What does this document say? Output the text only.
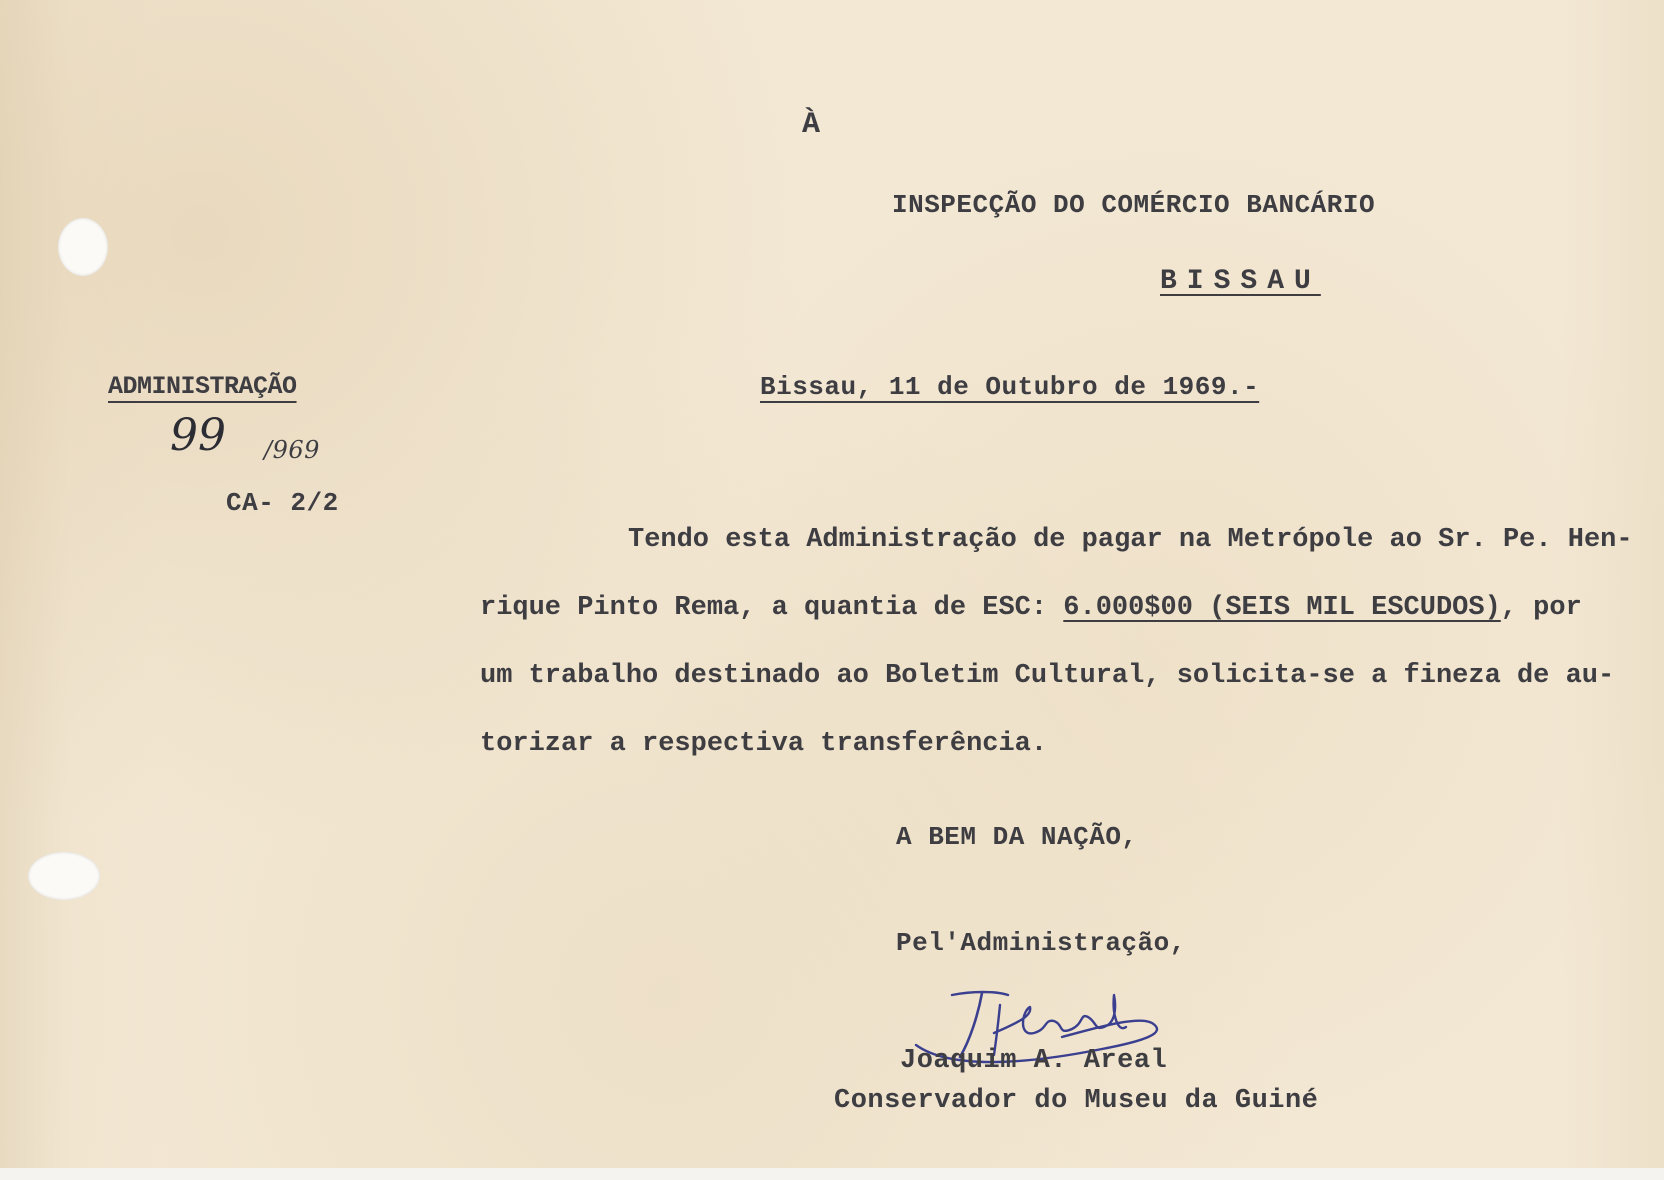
À
INSPECÇÃO DO COMÉRCIO BANCÁRIO
BISSAU
ADMINISTRAÇÃO
99 /969
CA- 2/2
Bissau, 11 de Outubro de 1969.-
Tendo esta Administração de pagar na Metrópole ao Sr. Pe. Hen-
rique Pinto Rema, a quantia de ESC: 6.000$00 (SEIS MIL ESCUDOS), por
um trabalho destinado ao Boletim Cultural, solicita-se a fineza de au-
torizar a respectiva transferência.
A BEM DA NAÇÃO,
Pel'Administração,
Joaquim A. Areal
Conservador do Museu da Guiné
